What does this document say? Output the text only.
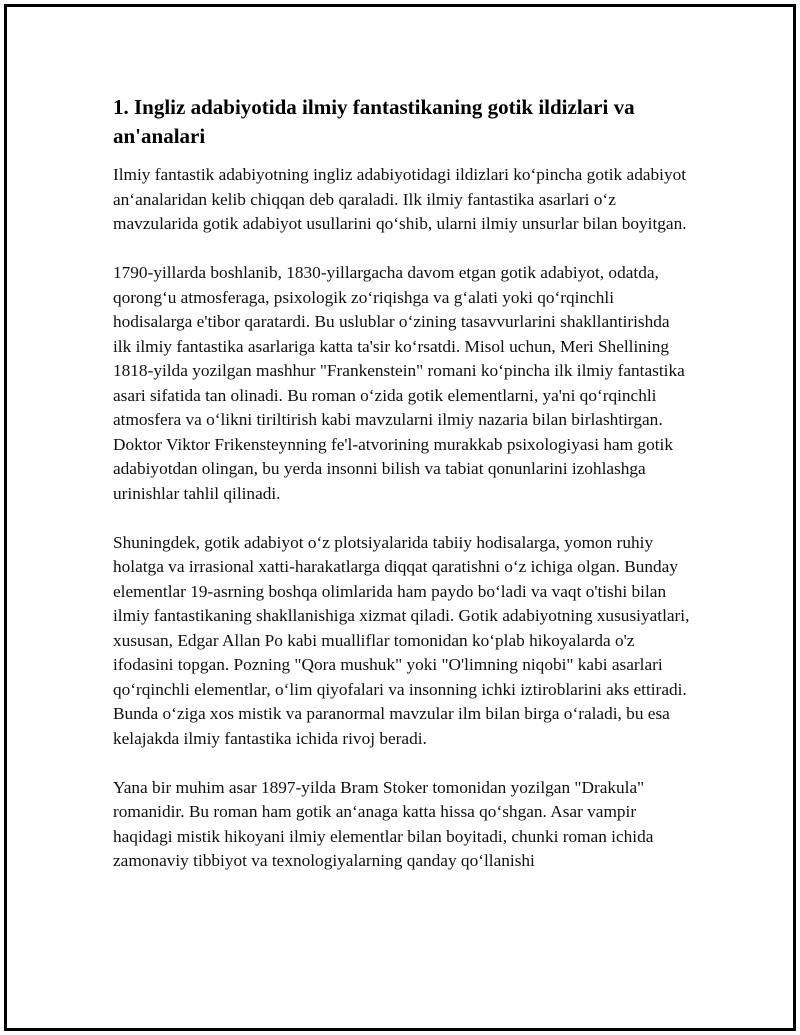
1. Ingliz adabiyotida ilmiy fantastikaning gotik ildizlari va an'analari

Ilmiy fantastik adabiyotning ingliz adabiyotidagi ildizlari ko‘pincha gotik adabiyot an‘analaridan kelib chiqqan deb qaraladi. Ilk ilmiy fantastika asarlari o‘z mavzularida gotik adabiyot usullarini qo‘shib, ularni ilmiy unsurlar bilan boyitgan.

1790-yillarda boshlanib, 1830-yillargacha davom etgan gotik adabiyot, odatda, qorong‘u atmosferaga, psixologik zo‘riqishga va g‘alati yoki qo‘rqinchli hodisalarga e'tibor qaratardi. Bu uslublar o‘zining tasavvurlarini shakllantirishda ilk ilmiy fantastika asarlariga katta ta'sir ko‘rsatdi. Misol uchun, Meri Shellining 1818-yilda yozilgan mashhur "Frankenstein" romani ko‘pincha ilk ilmiy fantastika asari sifatida tan olinadi. Bu roman o‘zida gotik elementlarni, ya'ni qo‘rqinchli atmosfera va o‘likni tiriltirish kabi mavzularni ilmiy nazaria bilan birlashtirgan. Doktor Viktor Frikensteynning fe'l-atvorining murakkab psixologiyasi ham gotik adabiyotdan olingan, bu yerda insonni bilish va tabiat qonunlarini izohlashga urinishlar tahlil qilinadi.

Shuningdek, gotik adabiyot o‘z plotsiyalarida tabiiy hodisalarga, yomon ruhiy holatga va irrasional xatti-harakatlarga diqqat qaratishni o‘z ichiga olgan. Bunday elementlar 19-asrning boshqa olimlarida ham paydo bo‘ladi va vaqt o'tishi bilan ilmiy fantastikaning shakllanishiga xizmat qiladi. Gotik adabiyotning xususiyatlari, xususan, Edgar Allan Po kabi mualliflar tomonidan ko‘plab hikoyalarda o'z ifodasini topgan. Pozning "Qora mushuk" yoki "O'limning niqobi" kabi asarlari qo‘rqinchli elementlar, o‘lim qiyofalari va insonning ichki iztiroblarini aks ettiradi. Bunda o‘ziga xos mistik va paranormal mavzular ilm bilan birga o‘raladi, bu esa kelajakda ilmiy fantastika ichida rivoj beradi.

Yana bir muhim asar 1897-yilda Bram Stoker tomonidan yozilgan "Drakula" romanidir. Bu roman ham gotik an‘anaga katta hissa qo‘shgan. Asar vampir haqidagi mistik hikoyani ilmiy elementlar bilan boyitadi, chunki roman ichida zamonaviy tibbiyot va texnologiyalarning qanday qo‘llanishi
